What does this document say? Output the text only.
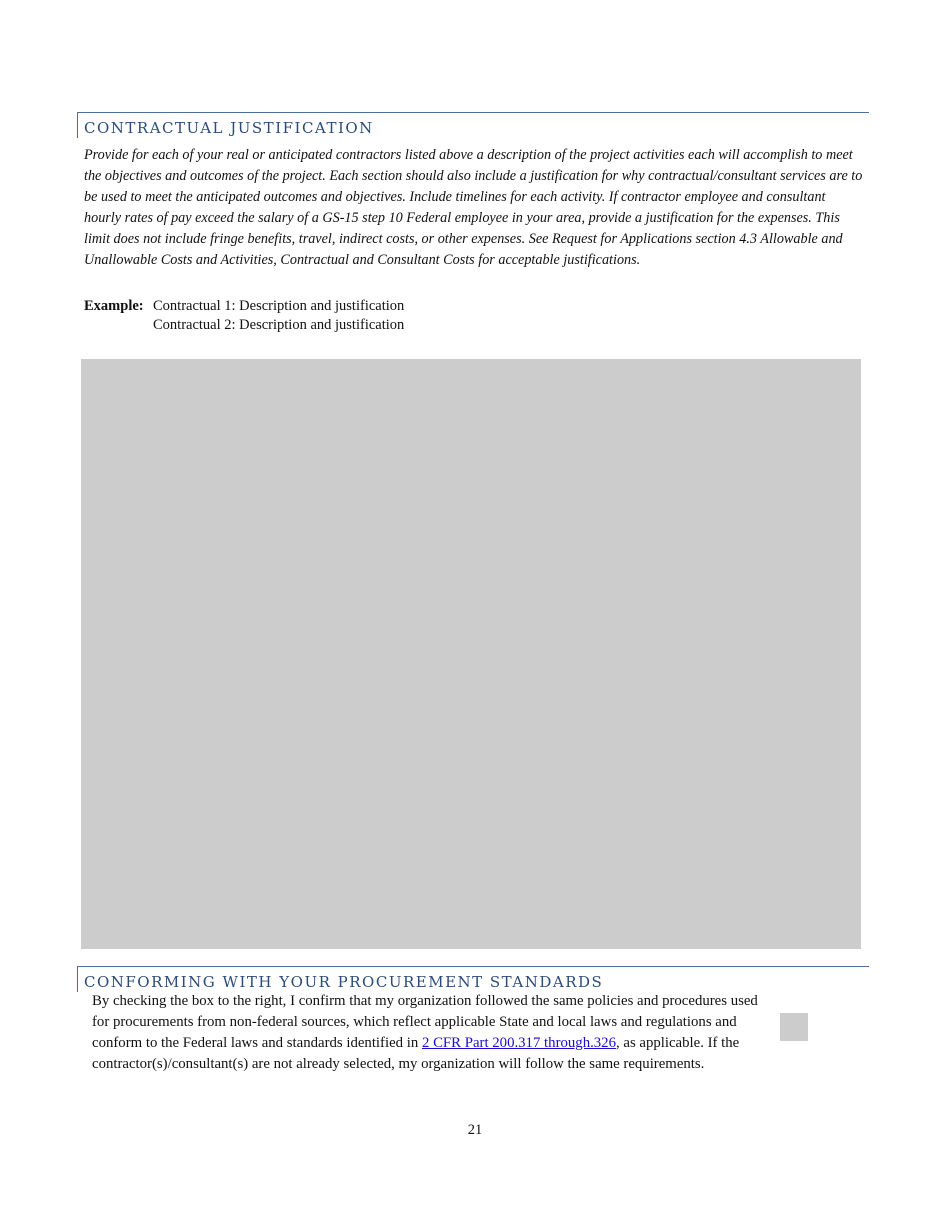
CONTRACTUAL JUSTIFICATION
Provide for each of your real or anticipated contractors listed above a description of the project activities each will accomplish to meet the objectives and outcomes of the project. Each section should also include a justification for why contractual/consultant services are to be used to meet the anticipated outcomes and objectives. Include timelines for each activity. If contractor employee and consultant hourly rates of pay exceed the salary of a GS-15 step 10 Federal employee in your area, provide a justification for the expenses. This limit does not include fringe benefits, travel, indirect costs, or other expenses. See Request for Applications section 4.3 Allowable and Unallowable Costs and Activities, Contractual and Consultant Costs for acceptable justifications.
Example: Contractual 1: Description and justification
Contractual 2: Description and justification
CONFORMING WITH YOUR PROCUREMENT STANDARDS
By checking the box to the right, I confirm that my organization followed the same policies and procedures used for procurements from non-federal sources, which reflect applicable State and local laws and regulations and conform to the Federal laws and standards identified in 2 CFR Part 200.317 through.326, as applicable. If the contractor(s)/consultant(s) are not already selected, my organization will follow the same requirements.
21
